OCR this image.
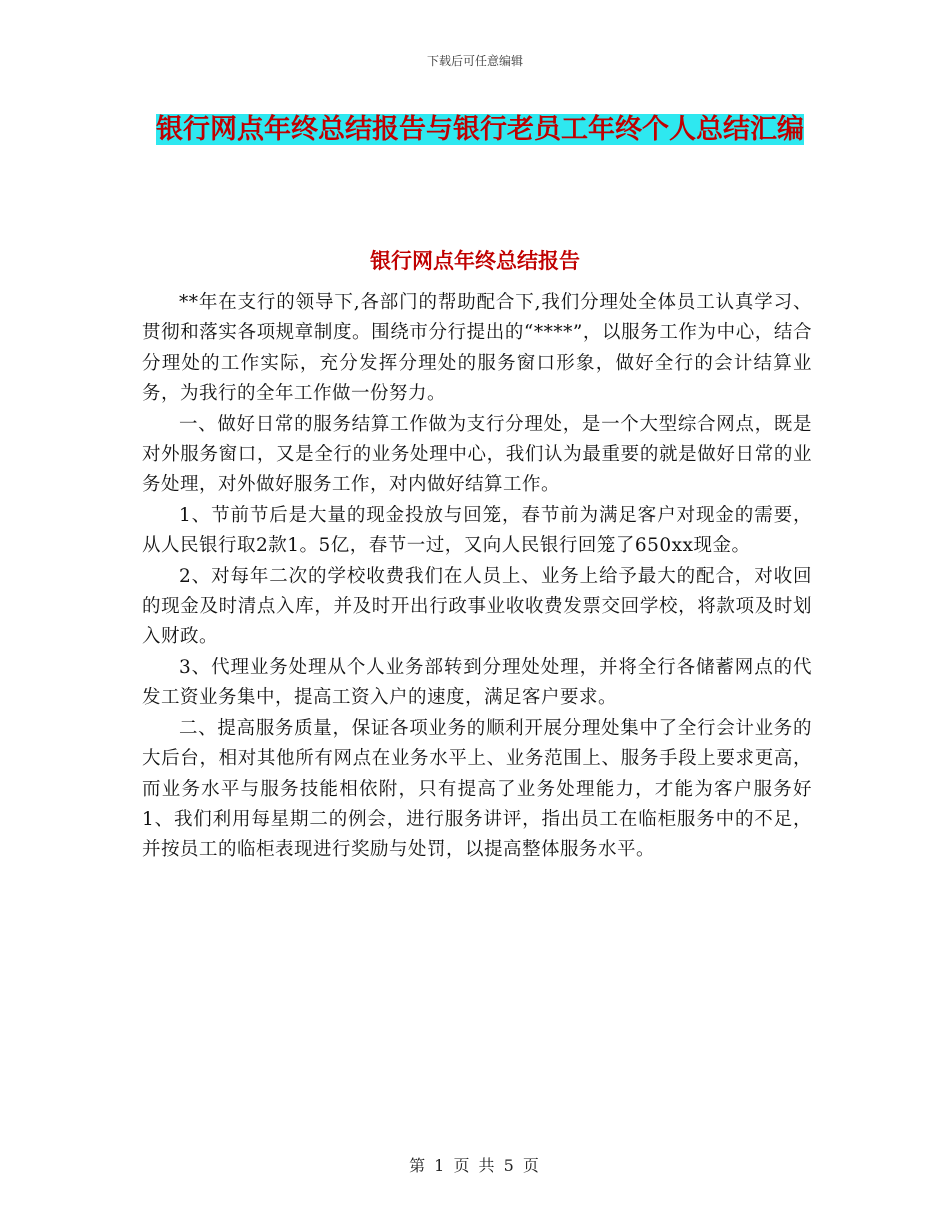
下载后可任意编辑
银行网点年终总结报告与银行老员工年终个人总结汇编
银行网点年终总结报告

**年在支行的领导下,各部门的帮助配合下,我们分理处全体员工认真学习、贯彻和落实各项规章制度。围绕市分行提出的“****”，以服务工作为中心，结合分理处的工作实际，充分发挥分理处的服务窗口形象，做好全行的会计结算业务，为我行的全年工作做一份努力。

一、做好日常的服务结算工作做为支行分理处，是一个大型综合网点，既是对外服务窗口，又是全行的业务处理中心，我们认为最重要的就是做好日常的业务处理，对外做好服务工作，对内做好结算工作。

1、节前节后是大量的现金投放与回笼，春节前为满足客户对现金的需要，从人民银行取2款1。5亿，春节一过，又向人民银行回笼了650xx现金。

2、对每年二次的学校收费我们在人员上、业务上给予最大的配合，对收回的现金及时清点入库，并及时开出行政事业收收费发票交回学校，将款项及时划入财政。

3、代理业务处理从个人业务部转到分理处处理，并将全行各储蓄网点的代发工资业务集中，提高工资入户的速度，满足客户要求。

二、提高服务质量，保证各项业务的顺利开展分理处集中了全行会计业务的大后台，相对其他所有网点在业务水平上、业务范围上、服务手段上要求更高，而业务水平与服务技能相依附，只有提高了业务处理能力，才能为客户服务好1、我们利用每星期二的例会，进行服务讲评，指出员工在临柜服务中的不足，并按员工的临柜表现进行奖励与处罚，以提高整体服务水平。

第 1 页 共 5 页
